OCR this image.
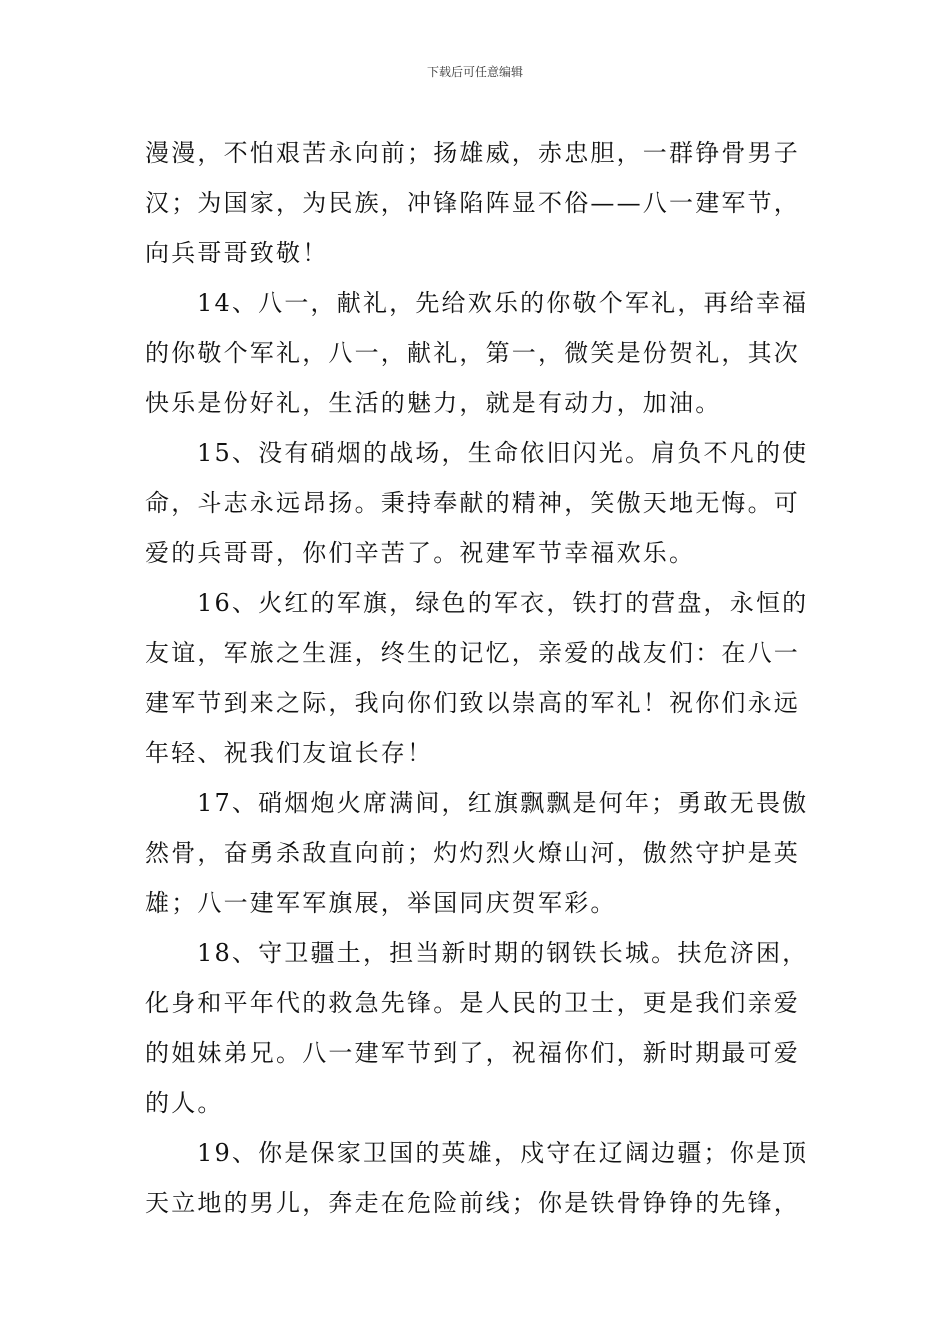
下载后可任意编辑
漫漫，不怕艰苦永向前；扬雄威，赤忠胆，一群铮骨男子
汉；为国家，为民族，冲锋陷阵显不俗——八一建军节，
向兵哥哥致敬！
14、八一，献礼，先给欢乐的你敬个军礼，再给幸福
的你敬个军礼，八一，献礼，第一，微笑是份贺礼，其次
快乐是份好礼，生活的魅力，就是有动力，加油。
15、没有硝烟的战场，生命依旧闪光。肩负不凡的使
命，斗志永远昂扬。秉持奉献的精神，笑傲天地无悔。可
爱的兵哥哥，你们辛苦了。祝建军节幸福欢乐。
16、火红的军旗，绿色的军衣，铁打的营盘，永恒的
友谊，军旅之生涯，终生的记忆，亲爱的战友们：在八一
建军节到来之际，我向你们致以崇高的军礼！祝你们永远
年轻、祝我们友谊长存！
17、硝烟炮火席满间，红旗飘飘是何年；勇敢无畏傲
然骨，奋勇杀敌直向前；灼灼烈火燎山河，傲然守护是英
雄；八一建军军旗展，举国同庆贺军彩。
18、守卫疆土，担当新时期的钢铁长城。扶危济困，
化身和平年代的救急先锋。是人民的卫士，更是我们亲爱
的姐妹弟兄。八一建军节到了，祝福你们，新时期最可爱
的人。
19、你是保家卫国的英雄，戍守在辽阔边疆；你是顶
天立地的男儿，奔走在危险前线；你是铁骨铮铮的先锋，
